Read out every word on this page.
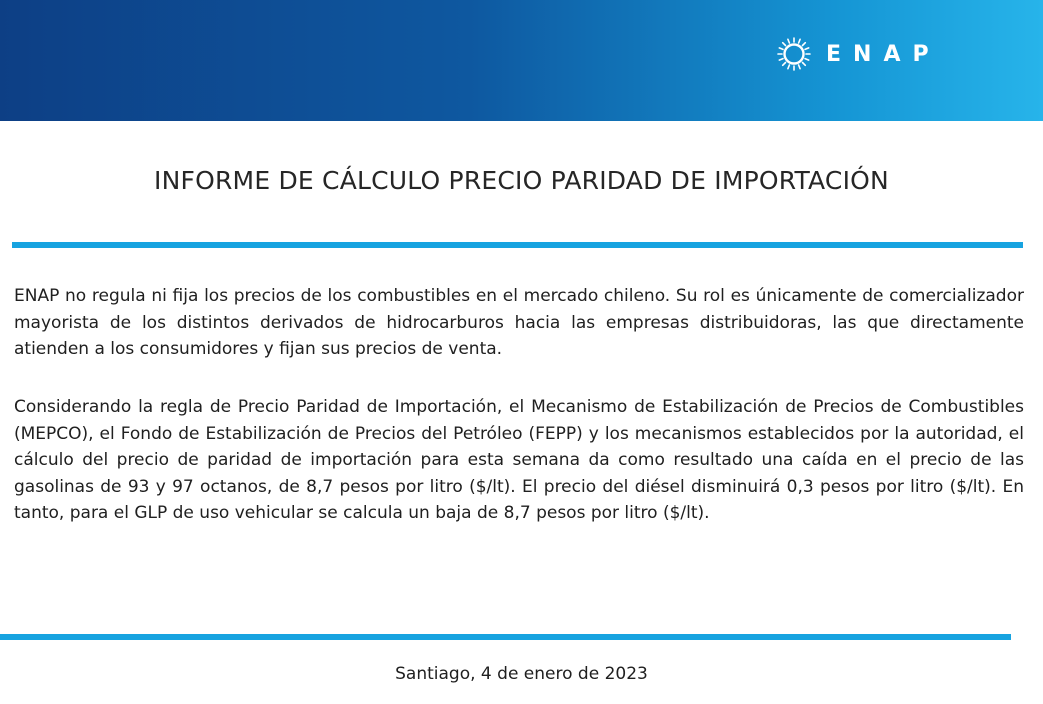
ENAP
INFORME DE CÁLCULO PRECIO PARIDAD DE IMPORTACIÓN

ENAP no regula ni fija los precios de los combustibles en el mercado chileno. Su rol es únicamente de comercializador mayorista de los distintos derivados de hidrocarburos hacia las empresas distribuidoras, las que directamente atienden a los consumidores y fijan sus precios de venta.

Considerando la regla de Precio Paridad de Importación, el Mecanismo de Estabilización de Precios de Combustibles (MEPCO), el Fondo de Estabilización de Precios del Petróleo (FEPP) y los mecanismos establecidos por la autoridad, el cálculo del precio de paridad de importación para esta semana da como resultado una caída en el precio de las gasolinas de 93 y 97 octanos, de 8,7 pesos por litro ($/lt). El precio del diésel disminuirá 0,3 pesos por litro ($/lt). En tanto, para el GLP de uso vehicular se calcula un baja de 8,7 pesos por litro ($/lt).

Santiago, 4 de enero de 2023
